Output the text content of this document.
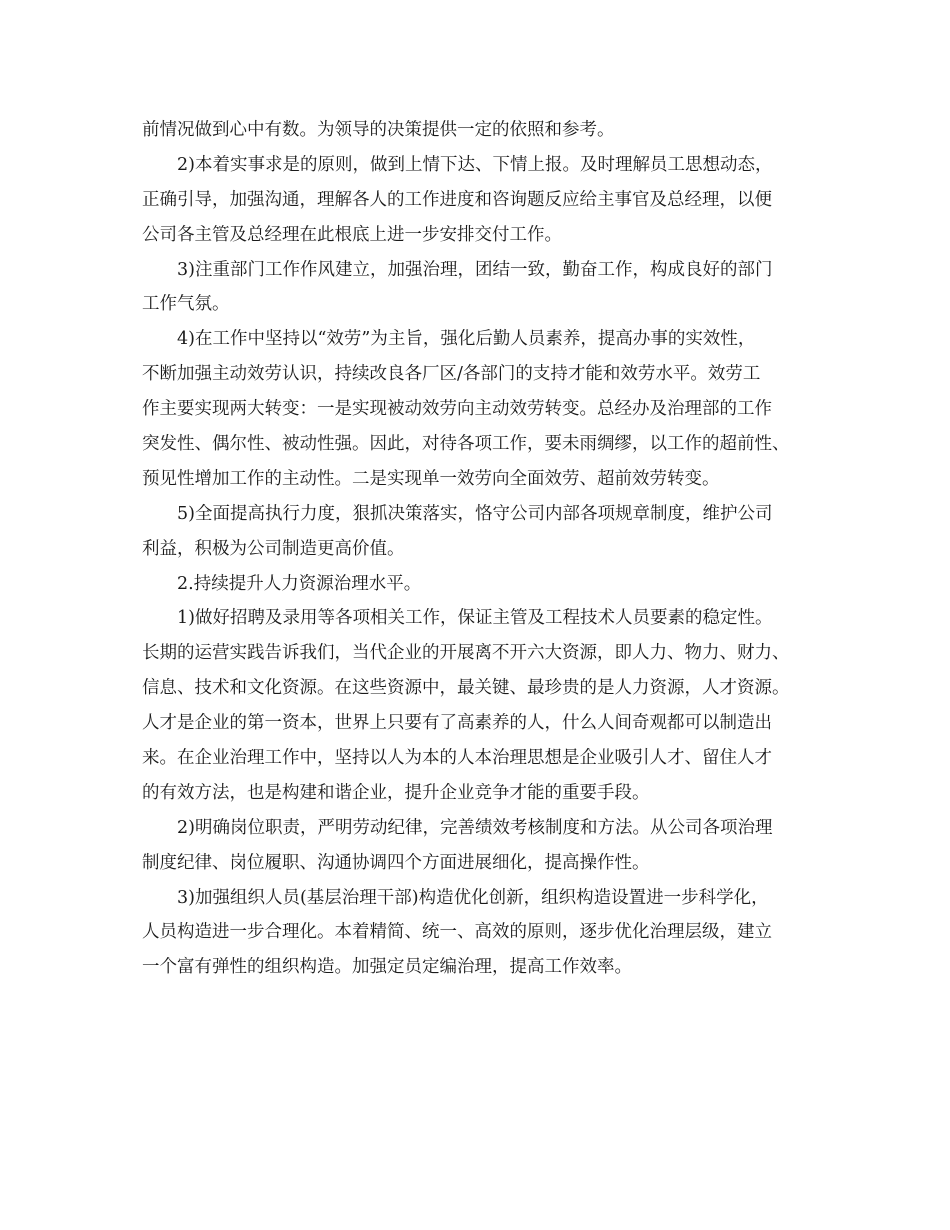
前情况做到心中有数。为领导的决策提供一定的依照和参考。
2)本着实事求是的原则，做到上情下达、下情上报。及时理解员工思想动态，
正确引导，加强沟通，理解各人的工作进度和咨询题反应给主事官及总经理，以便
公司各主管及总经理在此根底上进一步安排交付工作。
3)注重部门工作作风建立，加强治理，团结一致，勤奋工作，构成良好的部门
工作气氛。
4)在工作中坚持以“效劳”为主旨，强化后勤人员素养，提高办事的实效性，
不断加强主动效劳认识，持续改良各厂区/各部门的支持才能和效劳水平。效劳工
作主要实现两大转变：一是实现被动效劳向主动效劳转变。总经办及治理部的工作
突发性、偶尔性、被动性强。因此，对待各项工作，要未雨绸缪，以工作的超前性、
预见性增加工作的主动性。二是实现单一效劳向全面效劳、超前效劳转变。
5)全面提高执行力度，狠抓决策落实，恪守公司内部各项规章制度，维护公司
利益，积极为公司制造更高价值。
2.持续提升人力资源治理水平。
1)做好招聘及录用等各项相关工作，保证主管及工程技术人员要素的稳定性。
长期的运营实践告诉我们，当代企业的开展离不开六大资源，即人力、物力、财力、
信息、技术和文化资源。在这些资源中，最关键、最珍贵的是人力资源，人才资源。
人才是企业的第一资本，世界上只要有了高素养的人，什么人间奇观都可以制造出
来。在企业治理工作中，坚持以人为本的人本治理思想是企业吸引人才、留住人才
的有效方法，也是构建和谐企业，提升企业竞争才能的重要手段。
2)明确岗位职责，严明劳动纪律，完善绩效考核制度和方法。从公司各项治理
制度纪律、岗位履职、沟通协调四个方面进展细化，提高操作性。
3)加强组织人员(基层治理干部)构造优化创新，组织构造设置进一步科学化，
人员构造进一步合理化。本着精简、统一、高效的原则，逐步优化治理层级，建立
一个富有弹性的组织构造。加强定员定编治理，提高工作效率。
